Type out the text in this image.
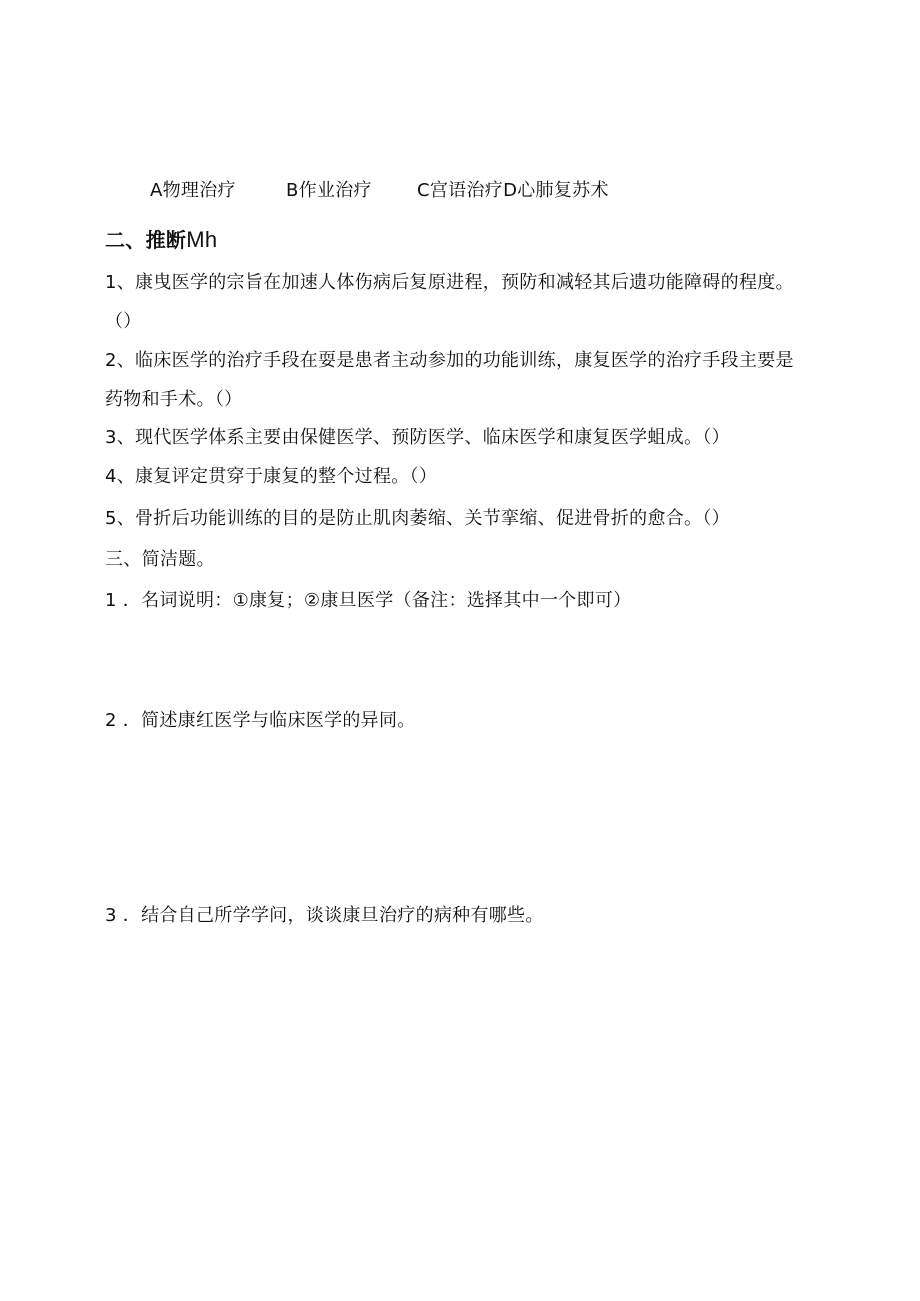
A物理治疗	B作业治疗	C宫语治疗D心肺复苏术
二、推断Mh
1、康曳医学的宗旨在加速人体伤病后复原进程，预防和减轻其后遗功能障碍的程度。（）
2、临床医学的治疗手段在耍是患者主动参加的功能训练，康复医学的治疗手段主要是药物和手术。（）
3、现代医学体系主要由保健医学、预防医学、临床医学和康复医学蛆成。（）
4、康复评定贯穿于康复的整个过程。（）
5、骨折后功能训练的目的是防止肌肉萎缩、关节挛缩、促进骨折的愈合。（）
三、简洁题。
1 ．名词说明：①康复；②康旦医学（备注：选择其中一个即可）
2 ．简述康红医学与临床医学的异同。
3 ．结合自己所学学问，谈谈康旦治疗的病种有哪些。
